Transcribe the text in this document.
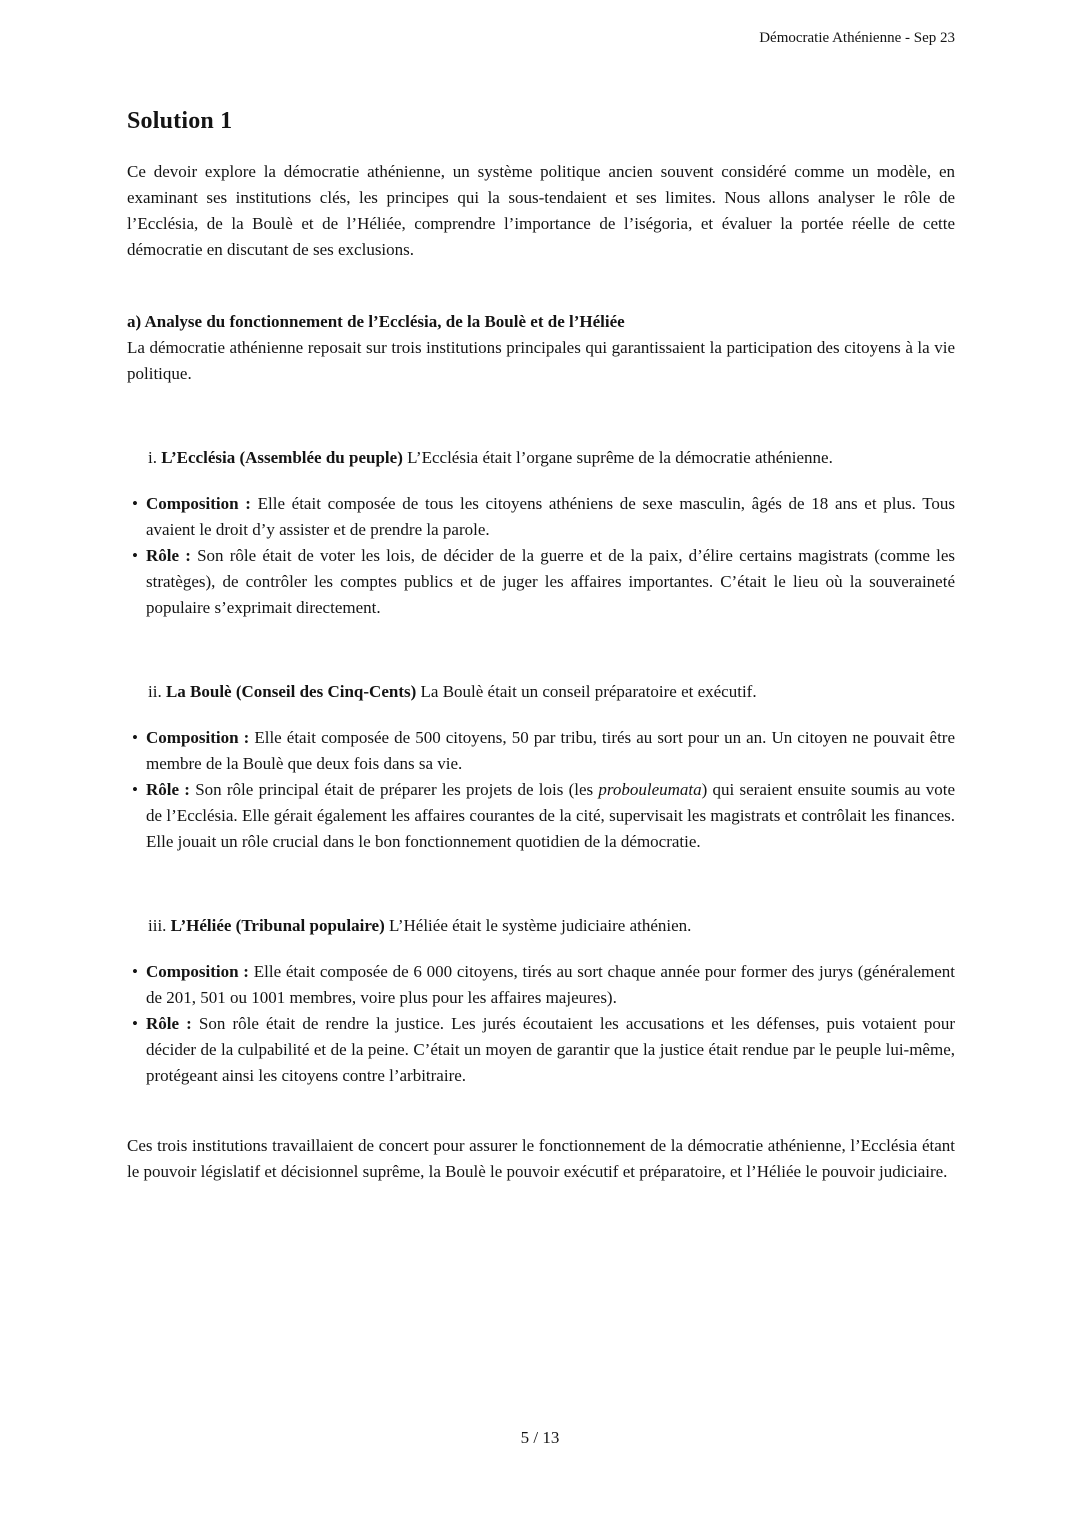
Démocratie Athénienne - Sep 23
Solution 1

Ce devoir explore la démocratie athénienne, un système politique ancien souvent considéré comme un modèle, en examinant ses institutions clés, les principes qui la sous-tendaient et ses limites. Nous allons analyser le rôle de l’Ecclésia, de la Boulè et de l’Héliée, comprendre l’importance de l’iségoria, et évaluer la portée réelle de cette démocratie en discutant de ses exclusions.

a) Analyse du fonctionnement de l’Ecclésia, de la Boulè et de l’Héliée

La démocratie athénienne reposait sur trois institutions principales qui garantissaient la participation des citoyens à la vie politique.

i. L’Ecclésia (Assemblée du peuple) L’Ecclésia était l’organe suprême de la démocratie athénienne.

• Composition : Elle était composée de tous les citoyens athéniens de sexe masculin, âgés de 18 ans et plus. Tous avaient le droit d’y assister et de prendre la parole.
• Rôle : Son rôle était de voter les lois, de décider de la guerre et de la paix, d’élire certains magistrats (comme les stratèges), de contrôler les comptes publics et de juger les affaires importantes. C’était le lieu où la souveraineté populaire s’exprimait directement.

ii. La Boulè (Conseil des Cinq-Cents) La Boulè était un conseil préparatoire et exécutif.

• Composition : Elle était composée de 500 citoyens, 50 par tribu, tirés au sort pour un an. Un citoyen ne pouvait être membre de la Boulè que deux fois dans sa vie.
• Rôle : Son rôle principal était de préparer les projets de lois (les probouleumata) qui seraient ensuite soumis au vote de l’Ecclésia. Elle gérait également les affaires courantes de la cité, supervisait les magistrats et contrôlait les finances. Elle jouait un rôle crucial dans le bon fonctionnement quotidien de la démocratie.

iii. L’Héliée (Tribunal populaire) L’Héliée était le système judiciaire athénien.

• Composition : Elle était composée de 6 000 citoyens, tirés au sort chaque année pour former des jurys (généralement de 201, 501 ou 1001 membres, voire plus pour les affaires majeures).
• Rôle : Son rôle était de rendre la justice. Les jurés écoutaient les accusations et les défenses, puis votaient pour décider de la culpabilité et de la peine. C’était un moyen de garantir que la justice était rendue par le peuple lui-même, protégeant ainsi les citoyens contre l’arbitraire.

Ces trois institutions travaillaient de concert pour assurer le fonctionnement de la démocratie athénienne, l’Ecclésia étant le pouvoir législatif et décisionnel suprême, la Boulè le pouvoir exécutif et préparatoire, et l’Héliée le pouvoir judiciaire.

5 / 13
